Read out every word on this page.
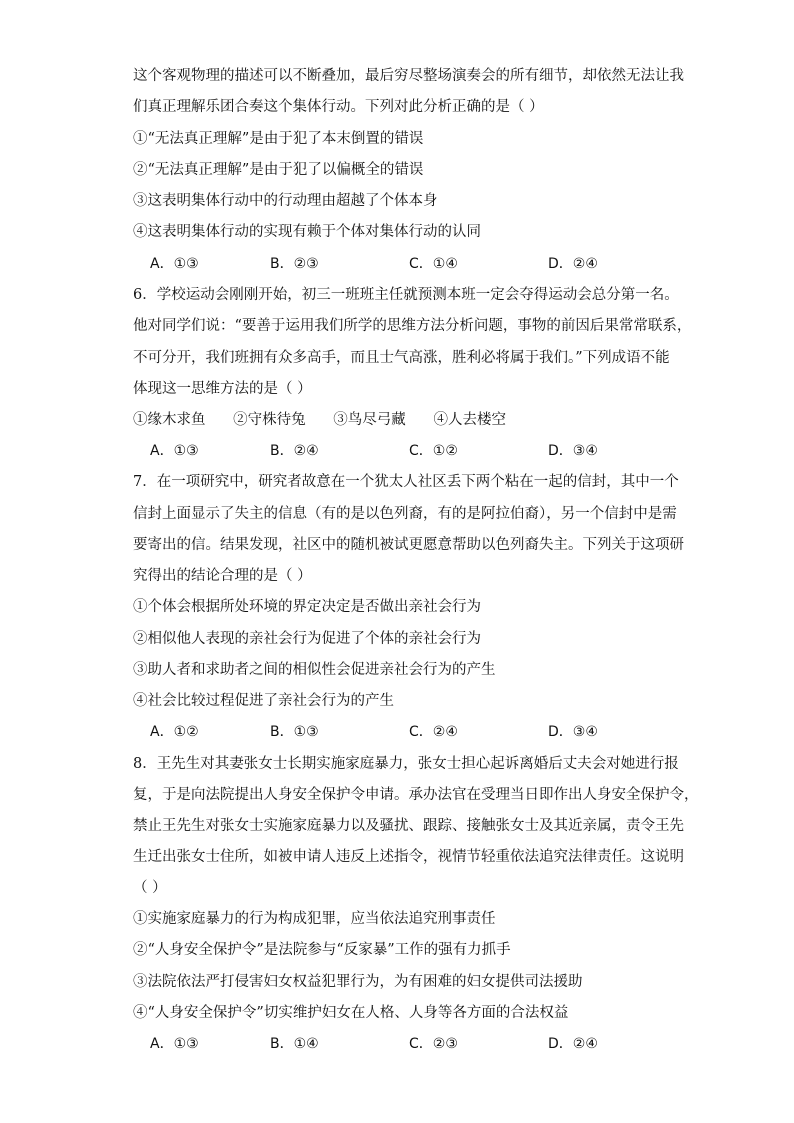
这个客观物理的描述可以不断叠加，最后穷尽整场演奏会的所有细节，却依然无法让我
们真正理解乐团合奏这个集体行动。下列对此分析正确的是（ ）
①“无法真正理解”是由于犯了本末倒置的错误
②“无法真正理解”是由于犯了以偏概全的错误
③这表明集体行动中的行动理由超越了个体本身
④这表明集体行动的实现有赖于个体对集体行动的认同
A．①③	B．②③	C．①④	D．②④
6．学校运动会刚刚开始，初三一班班主任就预测本班一定会夺得运动会总分第一名。
他对同学们说：“要善于运用我们所学的思维方法分析问题，事物的前因后果常常联系，
不可分开，我们班拥有众多高手，而且士气高涨，胜利必将属于我们。”下列成语不能
体现这一思维方法的是（ ）
①缘木求鱼      ②守株待兔      ③鸟尽弓藏      ④人去楼空
A．①③	B．②④	C．①②	D．③④
7．在一项研究中，研究者故意在一个犹太人社区丢下两个粘在一起的信封，其中一个
信封上面显示了失主的信息（有的是以色列裔，有的是阿拉伯裔），另一个信封中是需
要寄出的信。结果发现，社区中的随机被试更愿意帮助以色列裔失主。下列关于这项研
究得出的结论合理的是（ ）
①个体会根据所处环境的界定决定是否做出亲社会行为
②相似他人表现的亲社会行为促进了个体的亲社会行为
③助人者和求助者之间的相似性会促进亲社会行为的产生
④社会比较过程促进了亲社会行为的产生
A．①②	B．①③	C．②④	D．③④
8．王先生对其妻张女士长期实施家庭暴力，张女士担心起诉离婚后丈夫会对她进行报
复，于是向法院提出人身安全保护令申请。承办法官在受理当日即作出人身安全保护令，
禁止王先生对张女士实施家庭暴力以及骚扰、跟踪、接触张女士及其近亲属，责令王先
生迁出张女士住所，如被申请人违反上述指令，视情节轻重依法追究法律责任。这说明
（ ）
①实施家庭暴力的行为构成犯罪，应当依法追究刑事责任
②“人身安全保护令”是法院参与“反家暴”工作的强有力抓手
③法院依法严打侵害妇女权益犯罪行为，为有困难的妇女提供司法援助
④“人身安全保护令”切实维护妇女在人格、人身等各方面的合法权益
A．①③	B．①④	C．②③	D．②④
